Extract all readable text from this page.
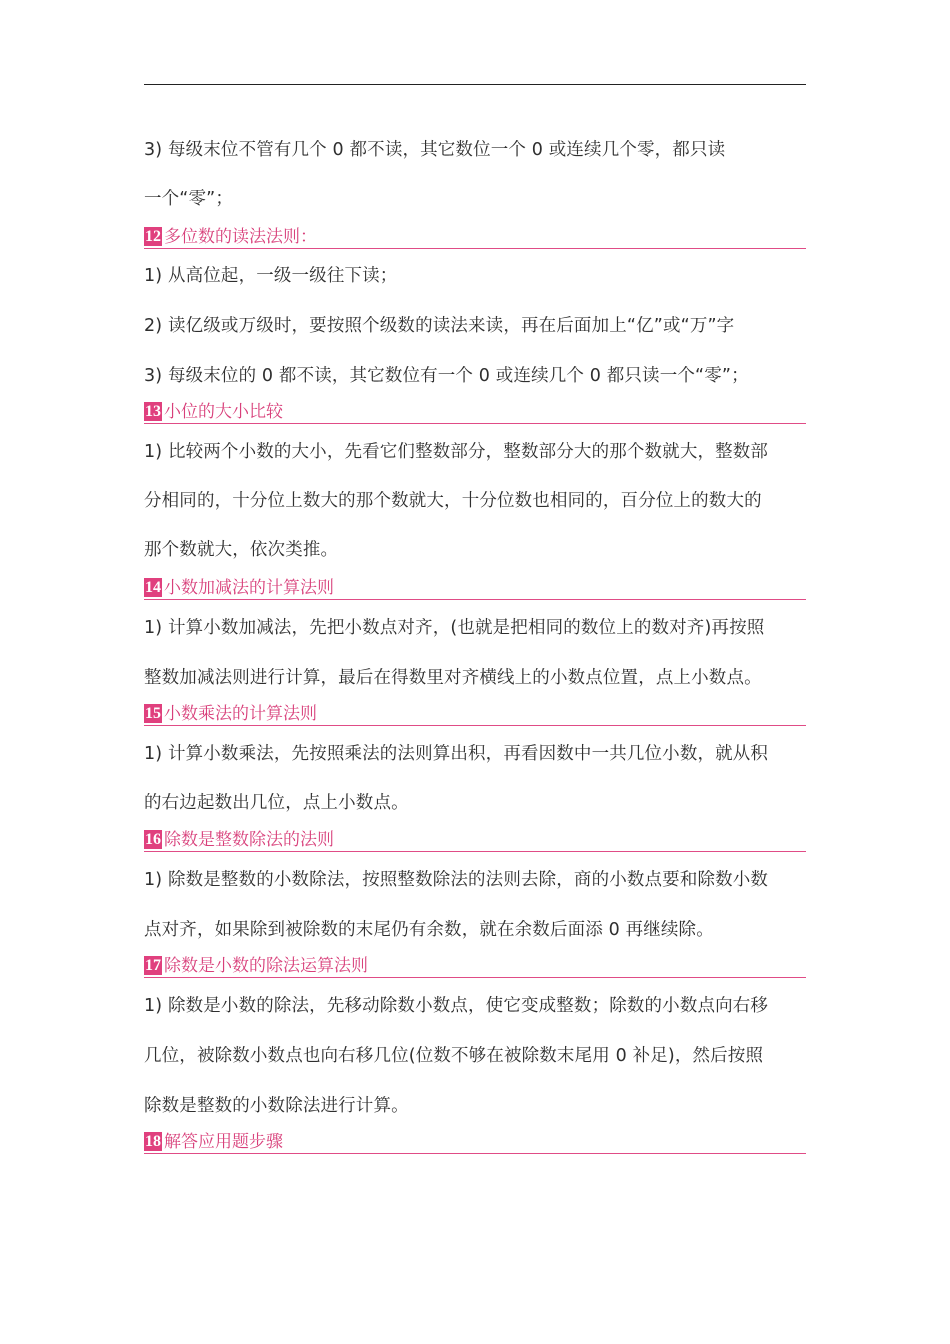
3) 每级末位不管有几个 0 都不读，其它数位一个 0 或连续几个零，都只读
一个“零”；
12 多位数的读法法则：
1) 从高位起，一级一级往下读；
2) 读亿级或万级时，要按照个级数的读法来读，再在后面加上“亿”或“万”字
3) 每级末位的 0 都不读，其它数位有一个 0 或连续几个 0 都只读一个“零”；
13 小位的大小比较
1) 比较两个小数的大小，先看它们整数部分，整数部分大的那个数就大，整数部
分相同的，十分位上数大的那个数就大，十分位数也相同的，百分位上的数大的
那个数就大，依次类推。
14 小数加减法的计算法则
1) 计算小数加减法，先把小数点对齐，(也就是把相同的数位上的数对齐)再按照
整数加减法则进行计算，最后在得数里对齐横线上的小数点位置，点上小数点。
15 小数乘法的计算法则
1) 计算小数乘法，先按照乘法的法则算出积，再看因数中一共几位小数，就从积
的右边起数出几位，点上小数点。
16 除数是整数除法的法则
1) 除数是整数的小数除法，按照整数除法的法则去除，商的小数点要和除数小数
点对齐，如果除到被除数的末尾仍有余数，就在余数后面添 0 再继续除。
17 除数是小数的除法运算法则
1) 除数是小数的除法，先移动除数小数点，使它变成整数；除数的小数点向右移
几位，被除数小数点也向右移几位(位数不够在被除数末尾用 0 补足)，然后按照
除数是整数的小数除法进行计算。
18 解答应用题步骤
